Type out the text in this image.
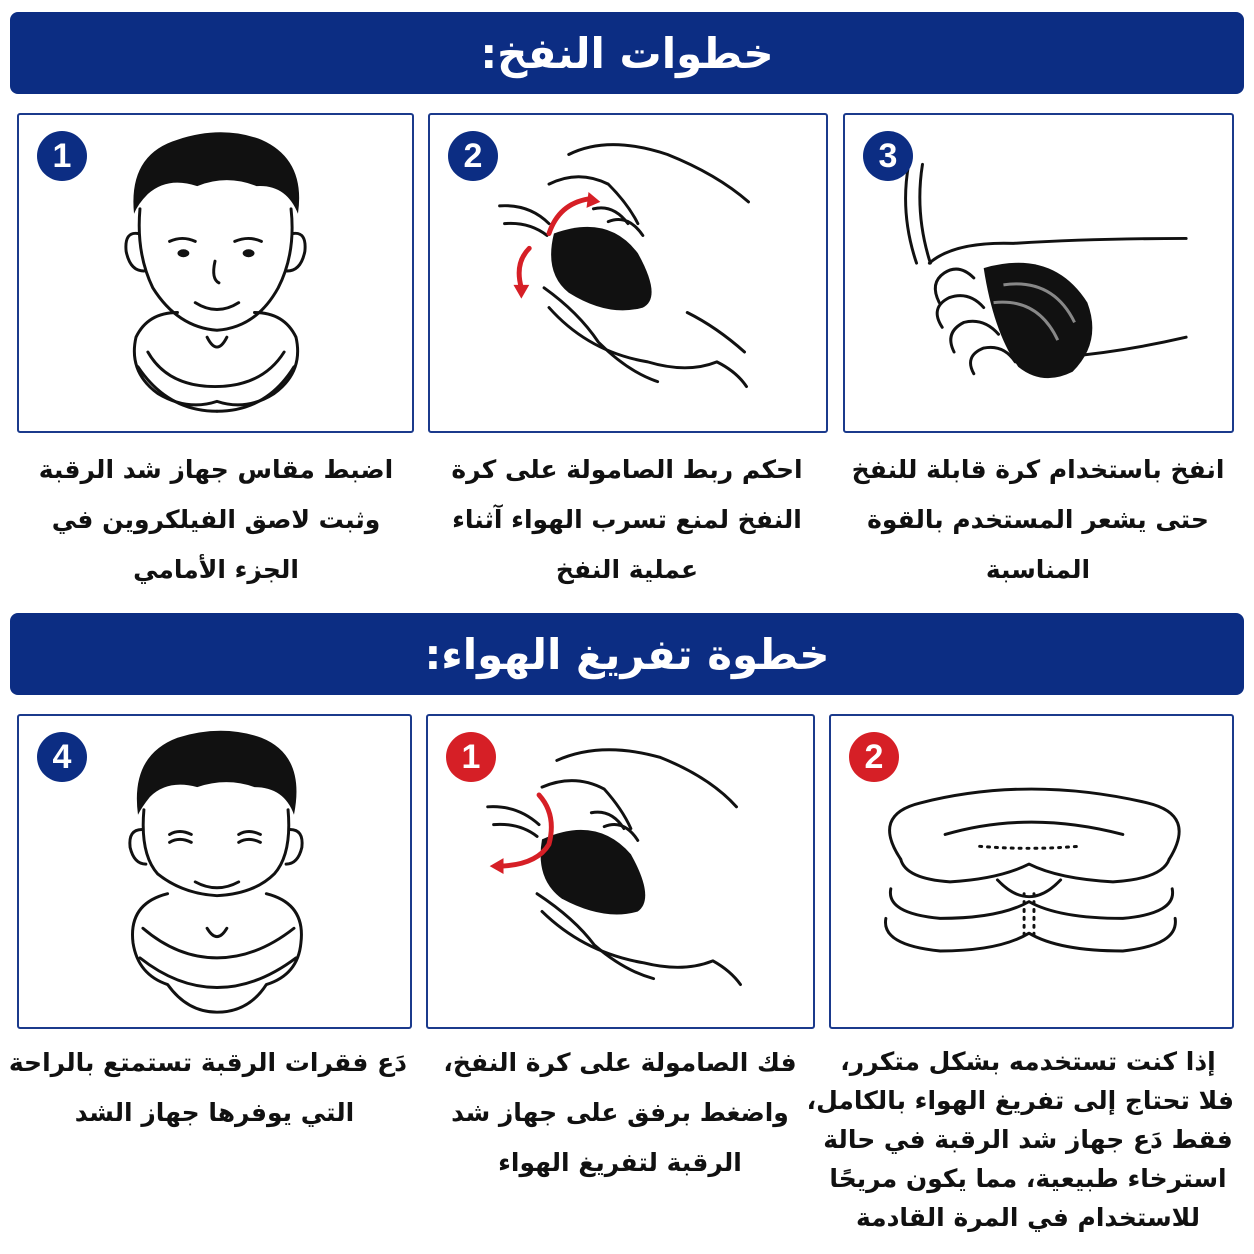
خطوات النفخ:
خطوة تفريغ الهواء:
1	2	3
اضبط مقاس جهاز شد الرقبة
وثبت لاصق الفيلكروين في
الجزء الأمامي
احكم ربط الصامولة على كرة
النفخ لمنع تسرب الهواء آثناء
عملية النفخ
انفخ باستخدام كرة قابلة للنفخ
حتى يشعر المستخدم بالقوة
المناسبة
4	1	2
دَع فقرات الرقبة تستمتع بالراحة
التي يوفرها جهاز الشد
فك الصامولة على كرة النفخ،
واضغط برفق على جهاز شد
الرقبة لتفريغ الهواء
إذا كنت تستخدمه بشكل متكرر،
فلا تحتاج إلى تفريغ الهواء بالكامل،
فقط دَع جهاز شد الرقبة في حالة
استرخاء طبيعية، مما يكون مريحًا
للاستخدام في المرة القادمة
